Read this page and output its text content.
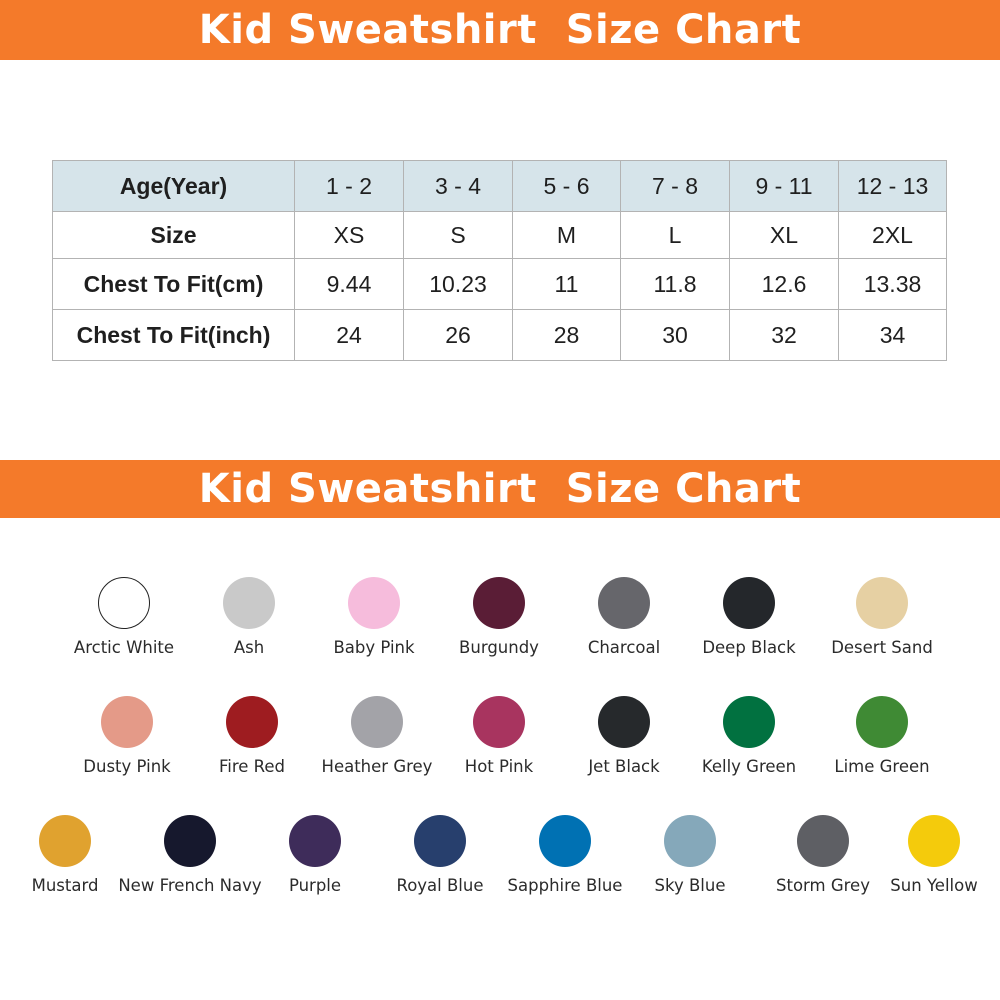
Kid Sweatshirt  Size Chart
Age(Year)	1 - 2	3 - 4	5 - 6	7 - 8	9 - 11	12 - 13
Size	XS	S	M	L	XL	2XL
Chest To Fit(cm)	9.44	10.23	11	11.8	12.6	13.38
Chest To Fit(inch)	24	26	28	30	32	34
Kid Sweatshirt  Size Chart
Arctic White	Ash	Baby Pink	Burgundy	Charcoal	Deep Black	Desert Sand
Dusty Pink	Fire Red	Heather Grey	Hot Pink	Jet Black	Kelly Green	Lime Green
Mustard	New French Navy	Purple	Royal Blue	Sapphire Blue	Sky Blue	Storm Grey	Sun Yellow
